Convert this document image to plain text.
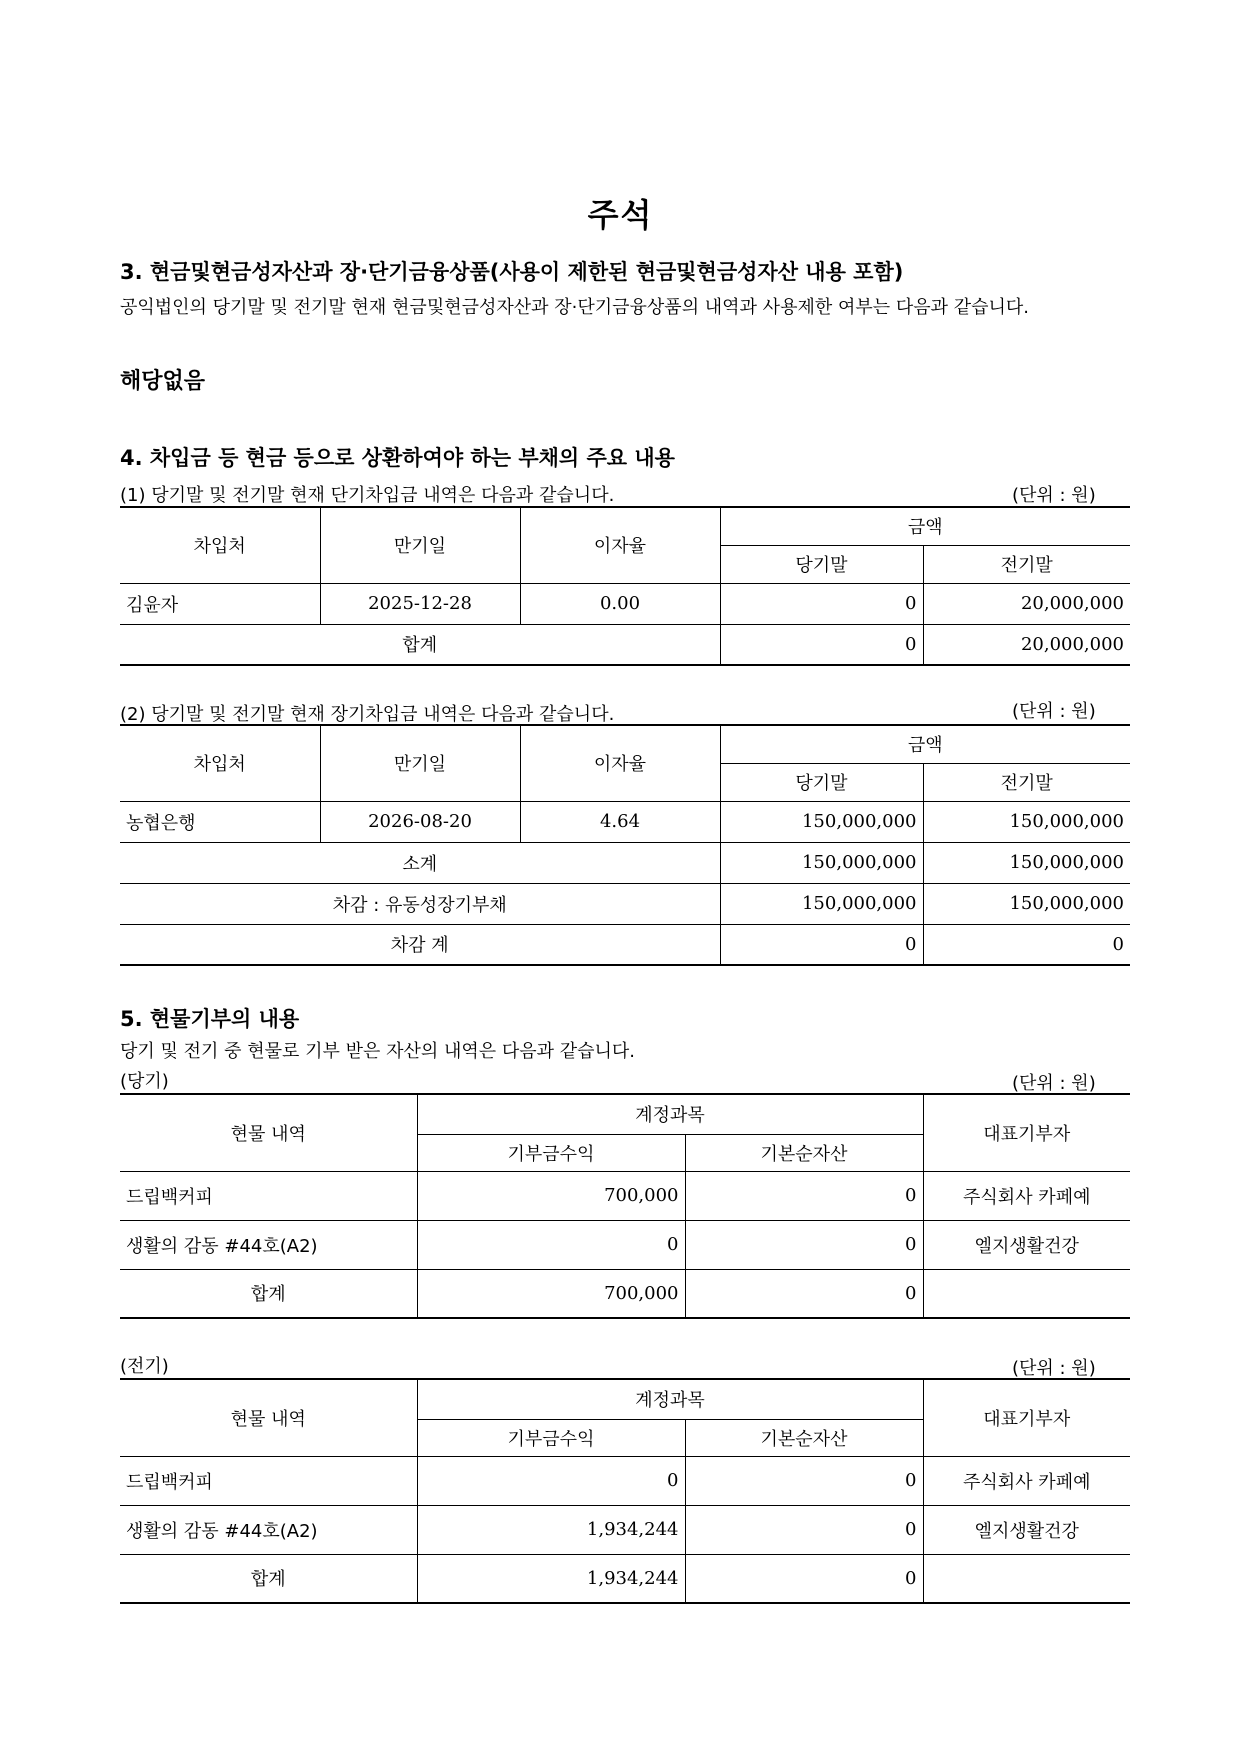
주석
3. 현금및현금성자산과 장·단기금융상품(사용이 제한된 현금및현금성자산 내용 포함)
공익법인의 당기말 및 전기말 현재 현금및현금성자산과 장·단기금융상품의 내역과 사용제한 여부는 다음과 같습니다.
해당없음
4. 차입금 등 현금 등으로 상환하여야 하는 부채의 주요 내용
(1) 당기말 및 전기말 현재 단기차입금 내역은 다음과 같습니다.	(단위 : 원)
차입처	만기일	이자율	금액	
			당기말	전기말
김윤자	2025-12-28	0.00	0	20,000,000
합계			0	20,000,000
(2) 당기말 및 전기말 현재 장기차입금 내역은 다음과 같습니다.	(단위 : 원)
차입처	만기일	이자율	금액	
			당기말	전기말
농협은행	2026-08-20	4.64	150,000,000	150,000,000
소계			150,000,000	150,000,000
차감 : 유동성장기부채			150,000,000	150,000,000
차감 계			0	0
5. 현물기부의 내용
당기 및 전기 중 현물로 기부 받은 자산의 내역은 다음과 같습니다.
(당기)	(단위 : 원)
현물 내역	계정과목		대표기부자
	기부금수익	기본순자산	
드립백커피	700,000	0	주식회사 카페예
생활의 감동 #44호(A2)	0	0	엘지생활건강
합계	700,000	0	
(전기)	(단위 : 원)
현물 내역	계정과목		대표기부자
	기부금수익	기본순자산	
드립백커피	0	0	주식회사 카페예
생활의 감동 #44호(A2)	1,934,244	0	엘지생활건강
합계	1,934,244	0	
